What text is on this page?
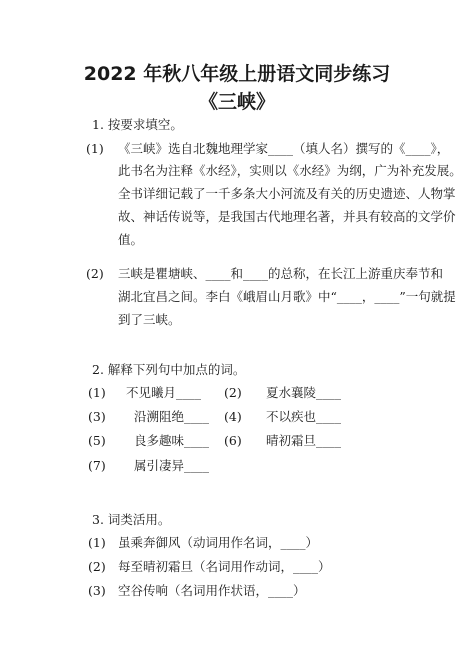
2022 年秋八年级上册语文同步练习
《三峡》
1. 按要求填空。
(1) 《三峡》选自北魏地理学家____（填人名）撰写的《____》，
此书名为注释《水经》，实则以《水经》为纲，广为补充发展。
全书详细记载了一千多条大小河流及有关的历史遗迹、人物掌
故、神话传说等，是我国古代地理名著，并具有较高的文学价
值。
(2) 三峡是瞿塘峡、____和____的总称，在长江上游重庆奉节和
湖北宜昌之间。李白《峨眉山月歌》中“____，____”一句就提
到了三峡。
2. 解释下列句中加点的词。
(1) 不见曦月____ (2) 夏水襄陵____
(3) 沿溯阻绝____ (4) 不以疾也____
(5) 良多趣味____ (6) 晴初霜旦____
(7) 属引凄异____
3. 词类活用。
(1) 虽乘奔御风（动词用作名词，____）
(2) 每至晴初霜旦（名词用作动词，____）
(3) 空谷传响（名词用作状语，____）
